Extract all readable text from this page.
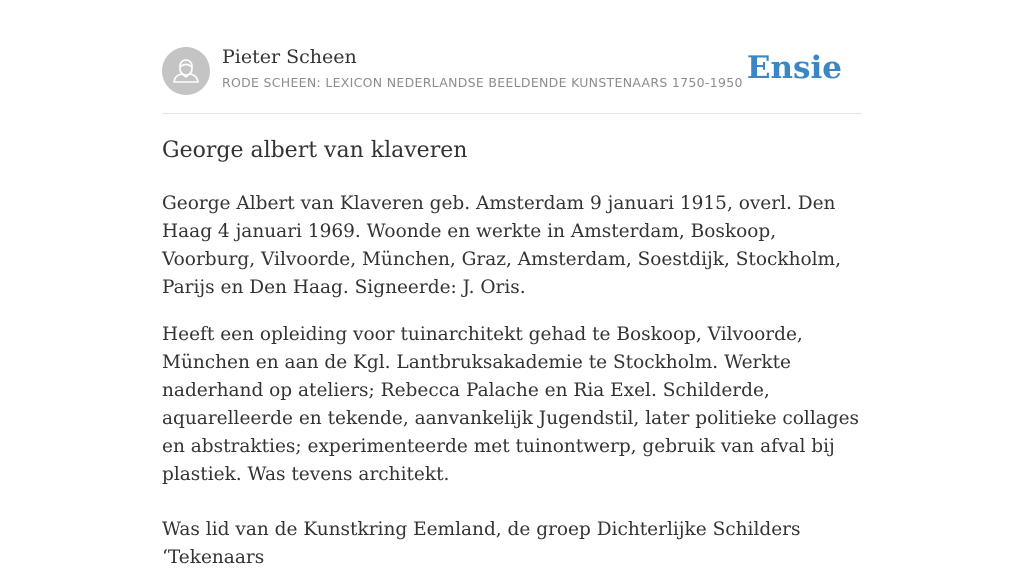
Pieter Scheen
RODE SCHEEN: LEXICON NEDERLANDSE BEELDENDE KUNSTENAARS 1750-1950 Ensie
George albert van klaveren

George Albert van Klaveren geb. Amsterdam 9 januari 1915, overl. Den Haag 4 januari 1969. Woonde en werkte in Amsterdam, Boskoop, Voorburg, Vilvoorde, München, Graz, Amsterdam, Soestdijk, Stockholm, Parijs en Den Haag. Signeerde: J. Oris.

Heeft een opleiding voor tuinarchitekt gehad te Boskoop, Vilvoorde, München en aan de Kgl. Lantbruksakademie te Stockholm. Werkte naderhand op ateliers; Rebecca Palache en Ria Exel. Schilderde, aquarelleerde en tekende, aanvankelijk Jugendstil, later politieke collages en abstrakties; experimenteerde met tuinontwerp, gebruik van afval bij plastiek. Was tevens architekt.

Was lid van de Kunstkring Eemland, de groep Dichterlijke Schilders ‘Tekenaars
